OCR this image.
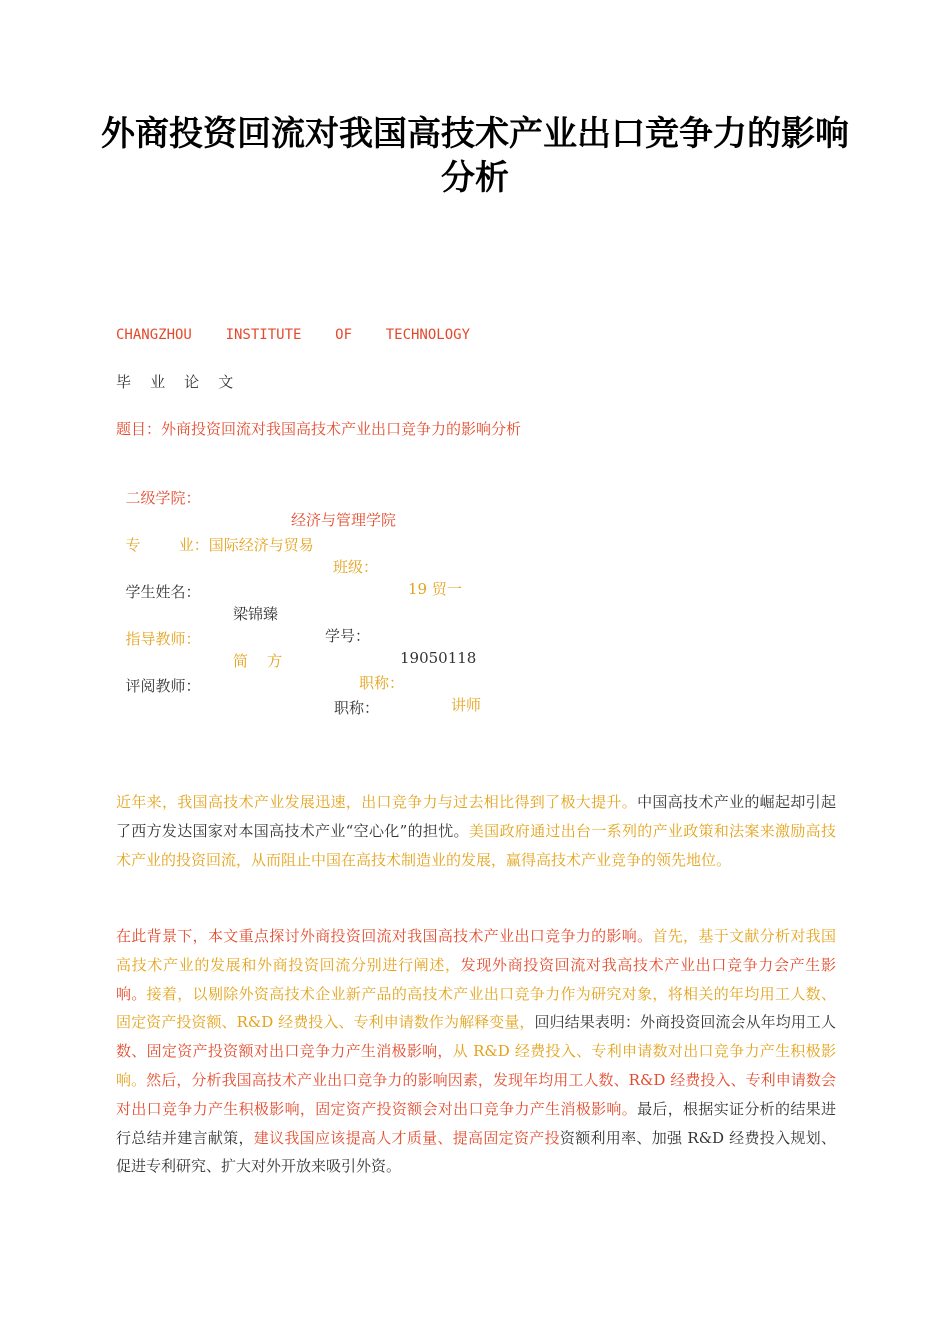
外商投资回流对我国高技术产业出口竞争力的影响分析
CHANGZHOU    INSTITUTE    OF    TECHNOLOGY
毕    业    论    文
题目：外商投资回流对我国高技术产业出口竞争力的影响分析

二级学院：

经济与管理学院

专        业：国际经济与贸易

班级：

19 贸一

学生姓名：

梁锦臻

学号：

19050118

指导教师：

简    方

职称：

讲师

评阅教师：

职称：

近年来，我国高技术产业发展迅速，出口竞争力与过去相比得到了极大提升。中国高技术产业的崛起却引起了西方发达国家对本国高技术产业“空心化”的担忧。美国政府通过出台一系列的产业政策和法案来激励高技术产业的投资回流，从而阻止中国在高技术制造业的发展，赢得高技术产业竞争的领先地位。
在此背景下，本文重点探讨外商投资回流对我国高技术产业出口竞争力的影响。首先，基于文献分析对我国高技术产业的发展和外商投资回流分别进行阐述，发现外商投资回流对我高技术产业出口竞争力会产生影响。接着，以剔除外资高技术企业新产品的高技术产业出口竞争力作为研究对象，将相关的年均用工人数、固定资产投资额、R&D 经费投入、专利申请数作为解释变量，回归结果表明：外商投资回流会从年均用工人数、固定资产投资额对出口竞争力产生消极影响，从 R&D 经费投入、专利申请数对出口竞争力产生积极影响。然后，分析我国高技术产业出口竞争力的影响因素，发现年均用工人数、R&D 经费投入、专利申请数会对出口竞争力产生积极影响，固定资产投资额会对出口竞争力产生消极影响。最后，根据实证分析的结果进行总结并建言献策，建议我国应该提高人才质量、提高固定资产投资额利用率、加强 R&D 经费投入规划、促进专利研究、扩大对外开放来吸引外资。
